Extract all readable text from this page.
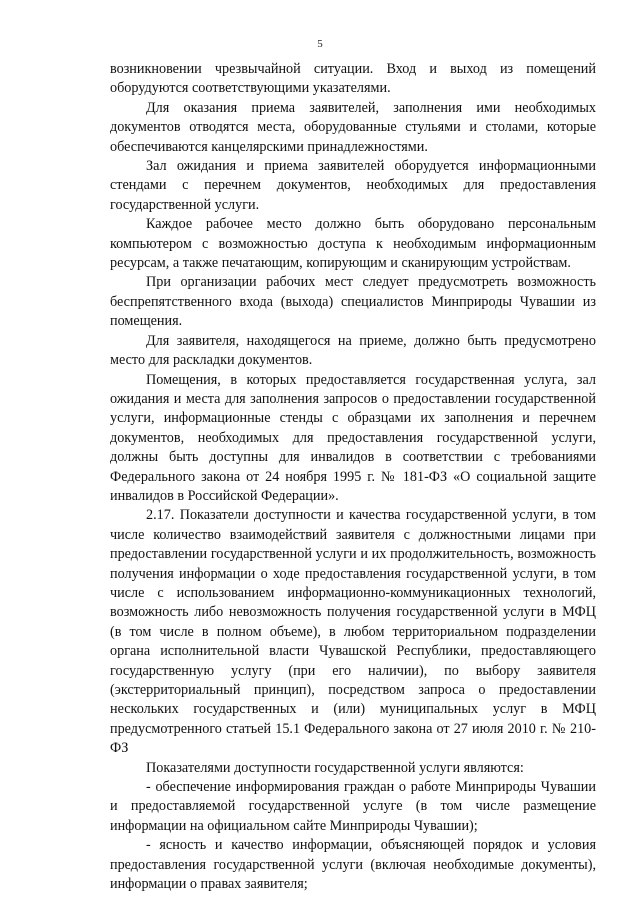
5

возникновении чрезвычайной ситуации. Вход и выход из помещений оборудуются соответствующими указателями.

Для оказания приема заявителей, заполнения ими необходимых документов отводятся места, оборудованные стульями и столами, которые обеспечиваются канцелярскими принадлежностями.

Зал ожидания и приема заявителей оборудуется информационными стендами с перечнем документов, необходимых для предоставления государственной услуги.

Каждое рабочее место должно быть оборудовано персональным компьютером с возможностью доступа к необходимым информационным ресурсам, а также печатающим, копирующим и сканирующим устройствам.

При организации рабочих мест следует предусмотреть возможность беспрепятственного входа (выхода) специалистов Минприроды Чувашии из помещения.

Для заявителя, находящегося на приеме, должно быть предусмотрено место для раскладки документов.

Помещения, в которых предоставляется государственная услуга, зал ожидания и места для заполнения запросов о предоставлении государственной услуги, информационные стенды с образцами их заполнения и перечнем документов, необходимых для предоставления государственной услуги, должны быть доступны для инвалидов в соответствии с требованиями Федерального закона от 24 ноября 1995 г. № 181-ФЗ «О социальной защите инвалидов в Российской Федерации».

2.17. Показатели доступности и качества государственной услуги, в том числе количество взаимодействий заявителя с должностными лицами при предоставлении государственной услуги и их продолжительность, возможность получения информации о ходе предоставления государственной услуги, в том числе с использованием информационно-коммуникационных технологий, возможность либо невозможность получения государственной услуги в МФЦ (в том числе в полном объеме), в любом территориальном подразделении органа исполнительной власти Чувашской Республики, предоставляющего государственную услугу (при его наличии), по выбору заявителя (экстерриториальный принцип), посредством запроса о предоставлении нескольких государственных и (или) муниципальных услуг в МФЦ предусмотренного статьей 15.1 Федерального закона от 27 июля 2010 г. № 210-ФЗ

Показателями доступности государственной услуги являются:

- обеспечение информирования граждан о работе Минприроды Чувашии и предоставляемой государственной услуге (в том числе размещение информации на официальном сайте Минприроды Чувашии);

- ясность и качество информации, объясняющей порядок и условия предоставления государственной услуги (включая необходимые документы), информации о правах заявителя;
